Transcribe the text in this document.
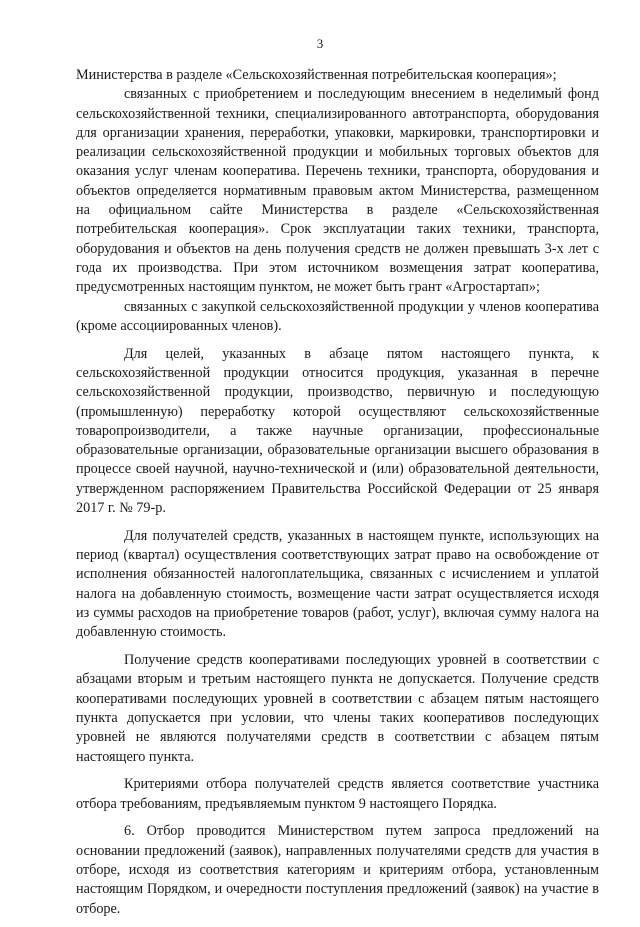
3

Министерства в разделе «Сельскохозяйственная потребительская кооперация»;

связанных с приобретением и последующим внесением в неделимый фонд сельскохозяйственной техники, специализированного автотранспорта, оборудования для организации хранения, переработки, упаковки, маркировки, транспортировки и реализации сельскохозяйственной продукции и мобильных торговых объектов для оказания услуг членам кооператива. Перечень техники, транспорта, оборудования и объектов определяется нормативным правовым актом Министерства, размещенном на официальном сайте Министерства в разделе «Сельскохозяйственная потребительская кооперация». Срок эксплуатации таких техники, транспорта, оборудования и объектов на день получения средств не должен превышать 3-х лет с года их производства. При этом источником возмещения затрат кооператива, предусмотренных настоящим пунктом, не может быть грант «Агростартап»;

связанных с закупкой сельскохозяйственной продукции у членов кооператива (кроме ассоциированных членов).

Для целей, указанных в абзаце пятом настоящего пункта, к сельскохозяйственной продукции относится продукция, указанная в перечне сельскохозяйственной продукции, производство, первичную и последующую (промышленную) переработку которой осуществляют сельскохозяйственные товаропроизводители, а также научные организации, профессиональные образовательные организации, образовательные организации высшего образования в процессе своей научной, научно-технической и (или) образовательной деятельности, утвержденном распоряжением Правительства Российской Федерации от 25 января 2017 г. № 79-р.

Для получателей средств, указанных в настоящем пункте, использующих на период (квартал) осуществления соответствующих затрат право на освобождение от исполнения обязанностей налогоплательщика, связанных с исчислением и уплатой налога на добавленную стоимость, возмещение части затрат осуществляется исходя из суммы расходов на приобретение товаров (работ, услуг), включая сумму налога на добавленную стоимость.

Получение средств кооперативами последующих уровней в соответствии с абзацами вторым и третьим настоящего пункта не допускается. Получение средств кооперативами последующих уровней в соответствии с абзацем пятым настоящего пункта допускается при условии, что члены таких кооперативов последующих уровней не являются получателями средств в соответствии с абзацем пятым настоящего пункта.

Критериями отбора получателей средств является соответствие участника отбора требованиям, предъявляемым пунктом 9 настоящего Порядка.

6. Отбор проводится Министерством путем запроса предложений на основании предложений (заявок), направленных получателями средств для участия в отборе, исходя из соответствия категориям и критериям отбора, установленным настоящим Порядком, и очередности поступления предложений (заявок) на участие в отборе.
